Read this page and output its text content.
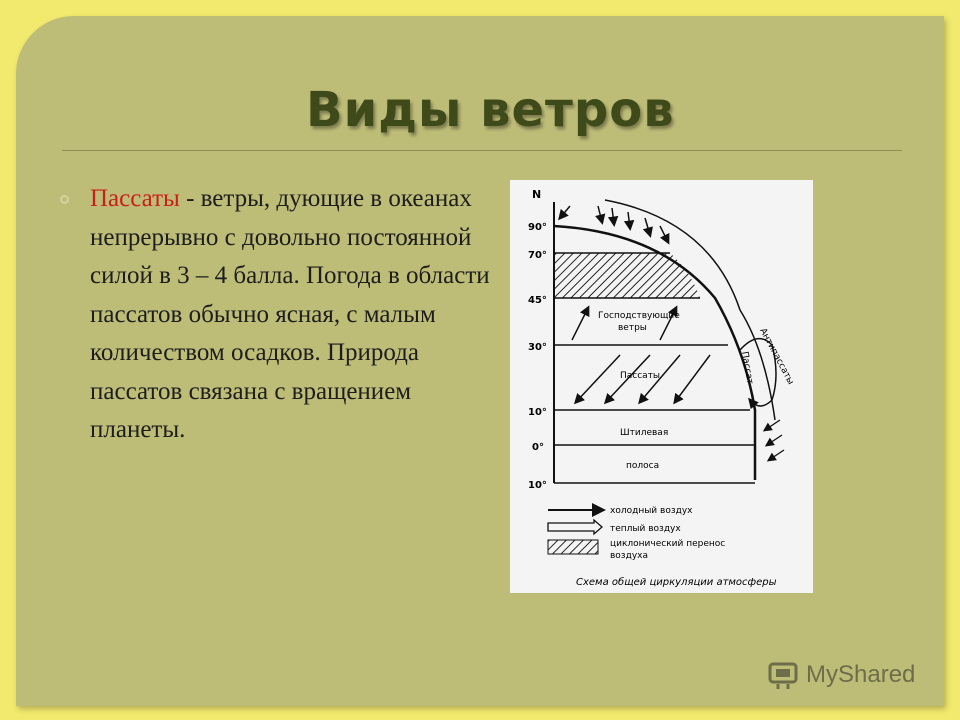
Виды ветров

Пассаты - ветры, дующие в океанах непрерывно с довольно постоянной силой в 3 – 4 балла. Погода в области пассатов обычно ясная, с малым количеством осадков. Природа пассатов связана с вращением планеты.

N
90°
70°
45°
30°
10°
0°
10°
Господствующие
ветры
Пассаты
Штилевая
полоса
Антипассаты
Пассат
холодный воздух
теплый воздух
циклонический перенос
воздуха
Схема общей циркуляции атмосферы
MyShared
